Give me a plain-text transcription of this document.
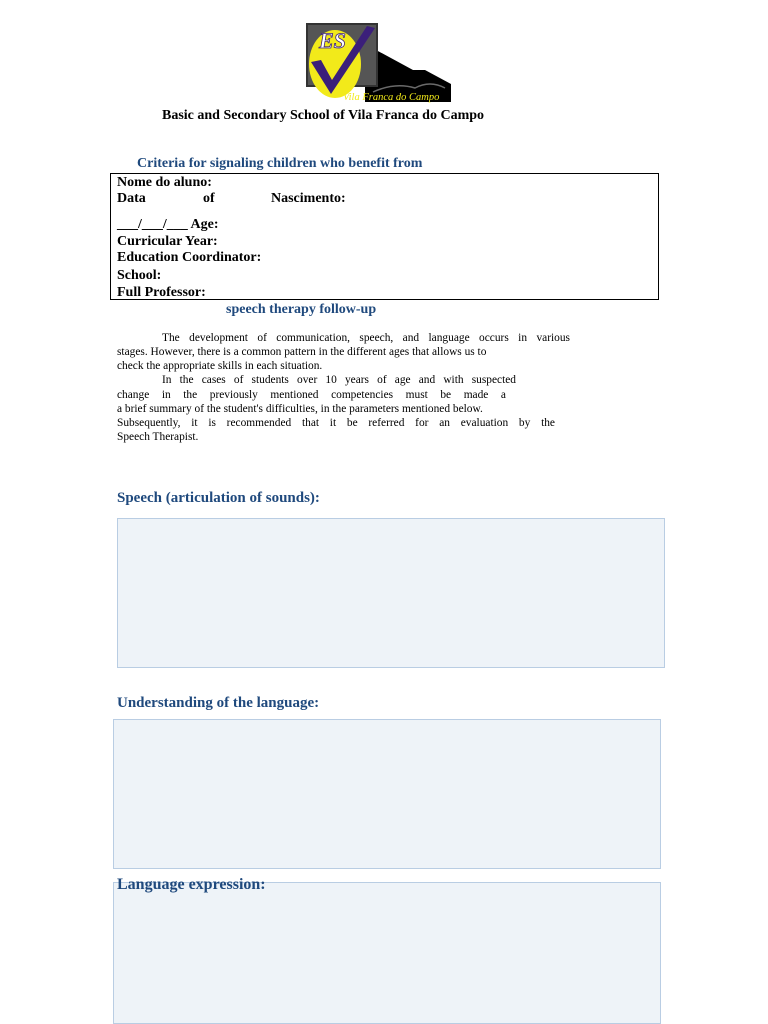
ES
Vila Franca do Campo
Basic and Secondary School of Vila Franca do Campo
Criteria for signaling children who benefit from
Nome do aluno:
Data	of	Nascimento:
___/___/___ Age:
Curricular Year:
Education Coordinator:
School:
Full Professor:
speech therapy follow-up
The development of communication, speech, and language occurs in various
stages. However, there is a common pattern in the different ages that allows us to
check the appropriate skills in each situation.
In the cases of students over 10 years of age and with suspected
change in the previously mentioned competencies must be made a
a brief summary of the student's difficulties, in the parameters mentioned below.
Subsequently, it is recommended that it be referred for an evaluation by the
Speech Therapist.
Speech (articulation of sounds):
Understanding of the language:
Language expression:
